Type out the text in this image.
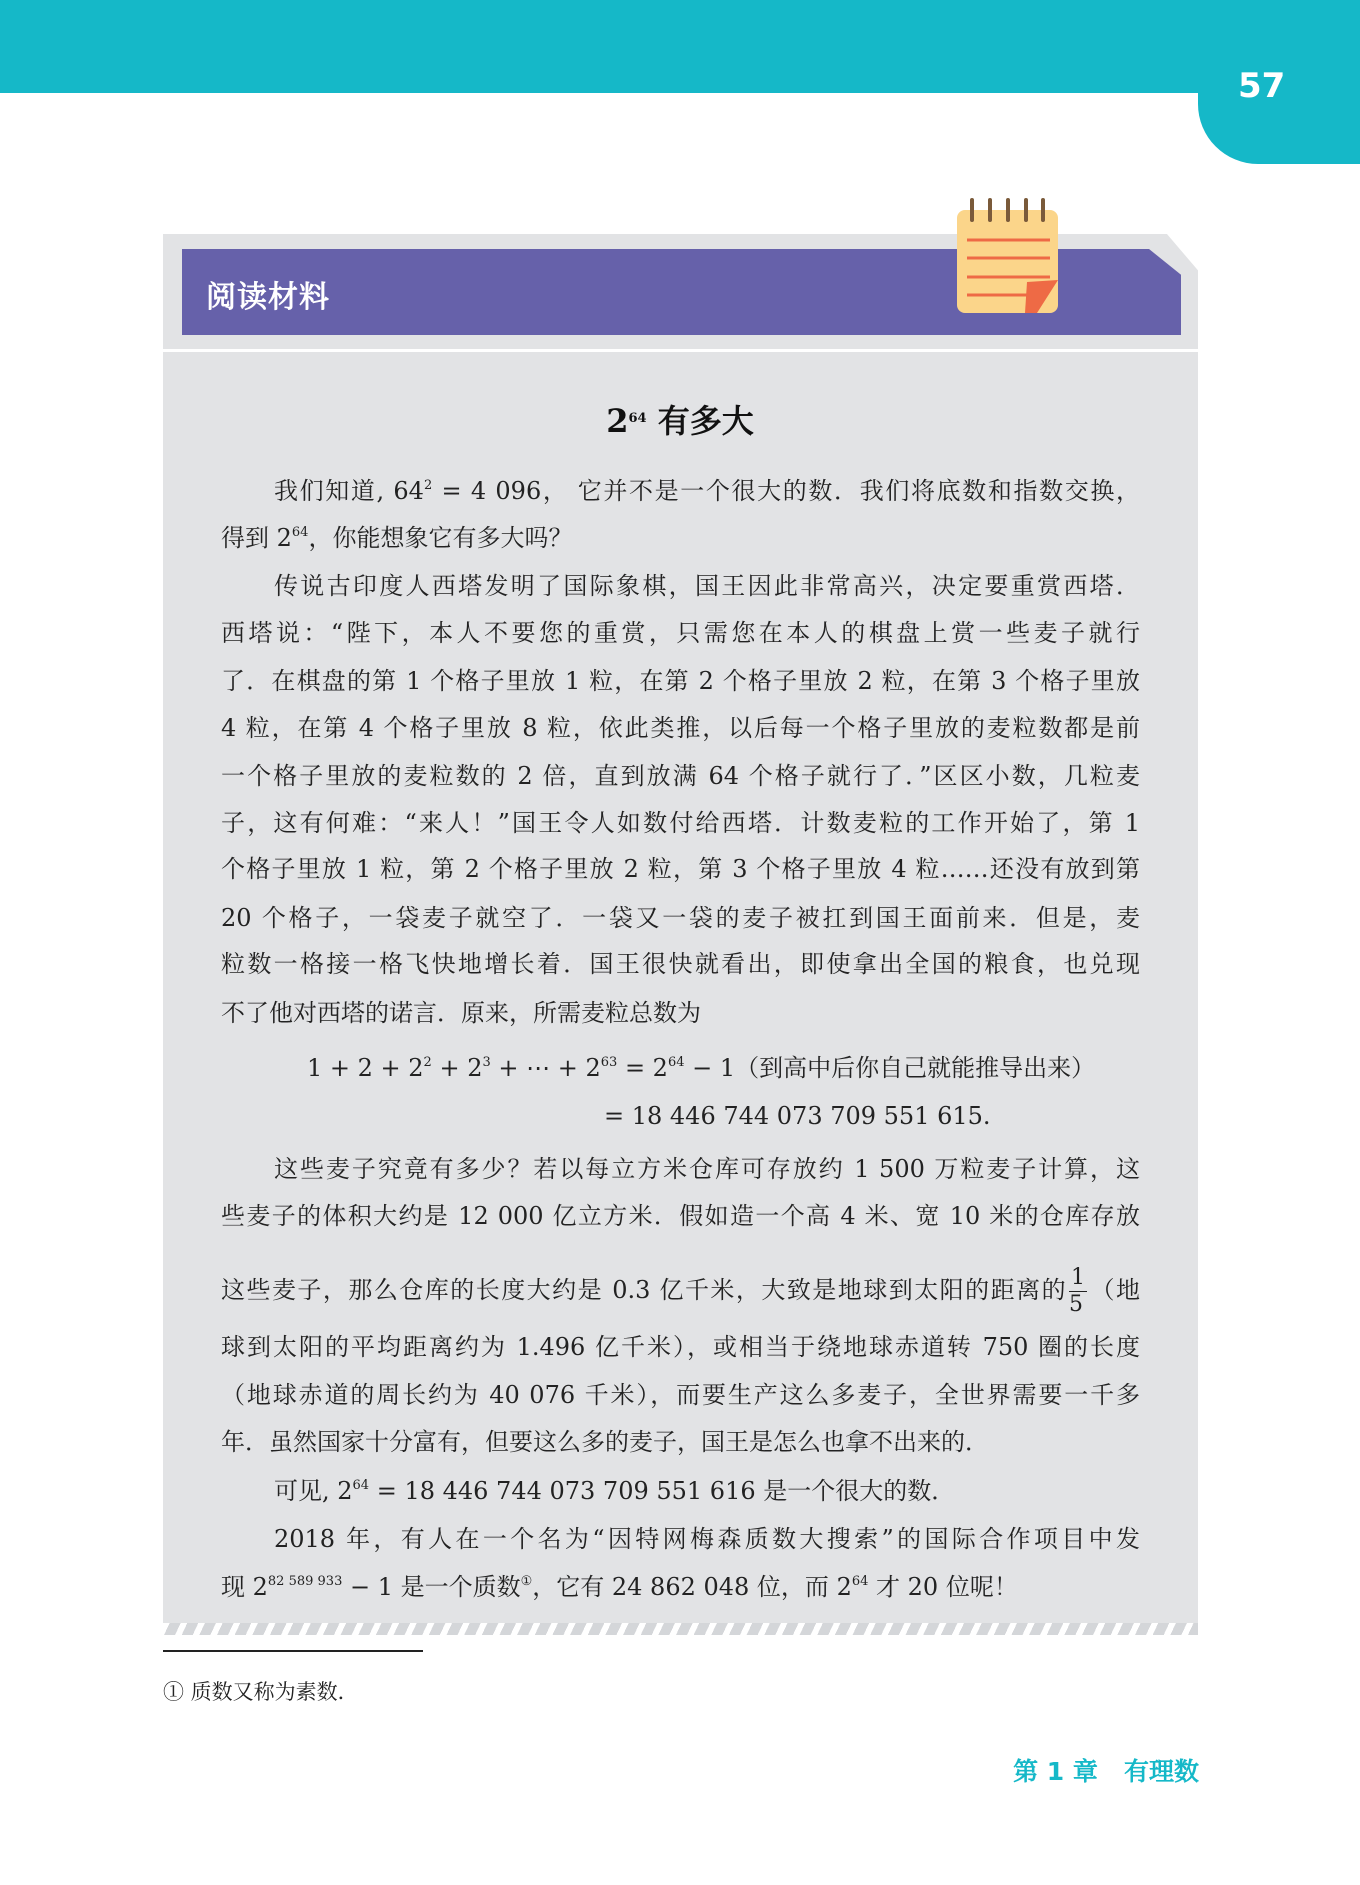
57
阅读材料
$2^{64}$ 有多大
我们知道, $64^2 = 4$ 096， 它并不是一个很大的数．我们将底数和指数交换，
得到 $2^{64}$，你能想象它有多大吗？
传说古印度人西塔发明了国际象棋，国王因此非常高兴，决定要重赏西塔．
西塔说：“陛下，本人不要您的重赏，只需您在本人的棋盘上赏一些麦子就行
了．在棋盘的第 1 个格子里放 1 粒，在第 2 个格子里放 2 粒，在第 3 个格子里放
4 粒，在第 4 个格子里放 8 粒，依此类推，以后每一个格子里放的麦粒数都是前
一个格子里放的麦粒数的 2 倍，直到放满 64 个格子就行了．”区区小数，几粒麦
子，这有何难：“来人！”国王令人如数付给西塔．计数麦粒的工作开始了，第 1
个格子里放 1 粒，第 2 个格子里放 2 粒，第 3 个格子里放 4 粒……还没有放到第
20 个格子，一袋麦子就空了．一袋又一袋的麦子被扛到国王面前来．但是，麦
粒数一格接一格飞快地增长着．国王很快就看出，即使拿出全国的粮食，也兑现
不了他对西塔的诺言．原来，所需麦粒总数为
$1 + 2 + 2^2 + 2^3$ + ⋯ + $2^{63} = 2^{64} - 1$（到高中后你自己就能推导出来）
= 18 446 744 073 709 551 615.
这些麦子究竟有多少？若以每立方米仓库可存放约 1 500 万粒麦子计算，这
些麦子的体积大约是 12 000 亿立方米．假如造一个高 4 米、宽 10 米的仓库存放
这些麦子，那么仓库的长度大约是 0.3 亿千米，大致是地球到太阳的距离的 $\frac{1}{5}$ （地
球到太阳的平均距离约为 1.496 亿千米），或相当于绕地球赤道转 750 圈的长度
（地球赤道的周长约为 40 076 千米），而要生产这么多麦子，全世界需要一千多
年．虽然国家十分富有，但要这么多的麦子，国王是怎么也拿不出来的．
可见, $2^{64} = 18$ 446 744 073 709 551 616 是一个很大的数．
2018 年，有人在一个名为“因特网梅森质数大搜索”的国际合作项目中发
现 $2^{82 589 933} - 1$ 是一个质数①，它有 24 862 048 位，而 $2^{64}$ 才 20 位呢！
① 质数又称为素数．
第 1 章   有理数
